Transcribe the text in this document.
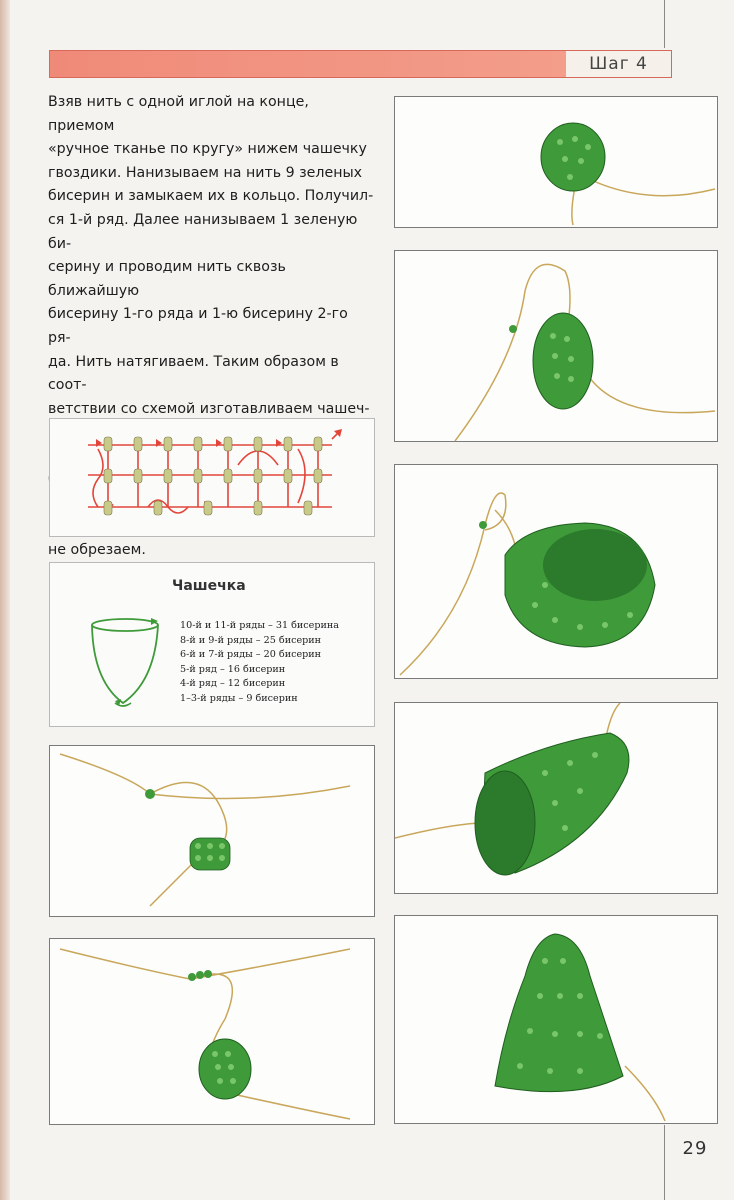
Шаг 4
Взяв нить с одной иглой на конце, приемом
«ручное тканье по кругу» нижем чашечку
гвоздики. Нанизываем на нить 9 зеленых
бисерин и замыкаем их в кольцо. Получил-
ся 1-й ряд. Далее нанизываем 1 зеленую би-
серину и проводим нить сквозь ближайшую
бисерину 1-го ряда и 1-ю бисерину 2-го ря-
да. Нить натягиваем. Таким образом в соот-
ветствии со схемой изготавливаем чашеч-
не обрезаем.
Чашечка
10-й и 11-й ряды – 31 бисерина
8-й и 9-й ряды – 25 бисерин
6-й и 7-й ряды – 20 бисерин
5-й ряд – 16 бисерин
4-й ряд – 12 бисерин
1–3-й ряды – 9 бисерин
29
